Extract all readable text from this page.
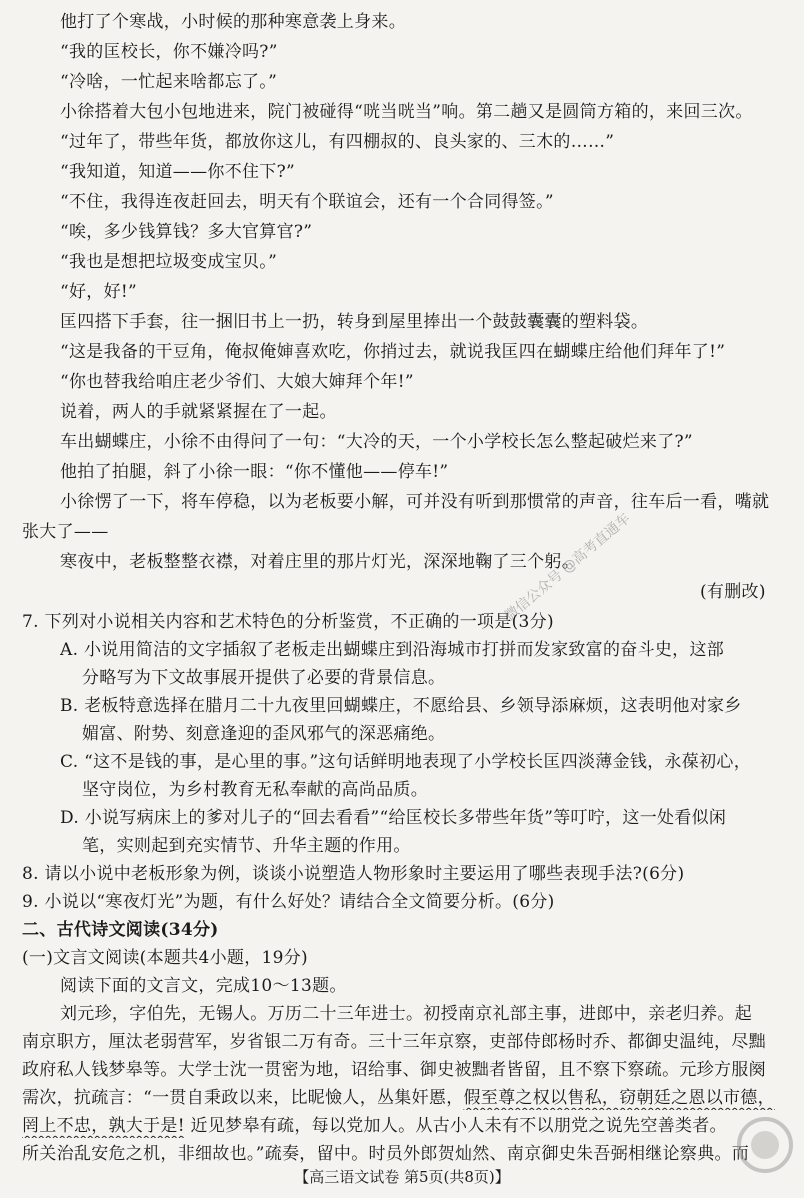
他打了个寒战，小时候的那种寒意袭上身来。
“我的匡校长，你不嫌冷吗?”
“冷啥，一忙起来啥都忘了。”
小徐搭着大包小包地进来，院门被碰得“咣当咣当”响。第二趟又是圆筒方箱的，来回三次。
“过年了，带些年货，都放你这儿，有四棚叔的、良头家的、三木的……”
“我知道，知道——你不住下?”
“不住，我得连夜赶回去，明天有个联谊会，还有一个合同得签。”
“唉，多少钱算钱？多大官算官?”
“我也是想把垃圾变成宝贝。”
“好，好!”
匡四搭下手套，往一捆旧书上一扔，转身到屋里捧出一个鼓鼓囊囊的塑料袋。
“这是我备的干豆角，俺叔俺婶喜欢吃，你捎过去，就说我匡四在蝴蝶庄给他们拜年了!”
“你也替我给咱庄老少爷们、大娘大婶拜个年!”
说着，两人的手就紧紧握在了一起。
车出蝴蝶庄，小徐不由得问了一句：“大冷的天，一个小学校长怎么整起破烂来了?”
他拍了拍腿，斜了小徐一眼：“你不懂他——停车!”
小徐愣了一下，将车停稳，以为老板要小解，可并没有听到那惯常的声音，往车后一看，嘴就
张大了——
寒夜中，老板整整衣襟，对着庄里的那片灯光，深深地鞠了三个躬。
(有删改)
7. 下列对小说相关内容和艺术特色的分析鉴赏，不正确的一项是(3分)
A. 小说用简洁的文字插叙了老板走出蝴蝶庄到沿海城市打拼而发家致富的奋斗史，这部
分略写为下文故事展开提供了必要的背景信息。
B. 老板特意选择在腊月二十九夜里回蝴蝶庄，不愿给县、乡领导添麻烦，这表明他对家乡
媚富、附势、刻意逢迎的歪风邪气的深恶痛绝。
C. “这不是钱的事，是心里的事。”这句话鲜明地表现了小学校长匡四淡薄金钱，永葆初心，
坚守岗位，为乡村教育无私奉献的高尚品质。
D. 小说写病床上的爹对儿子的“回去看看”“给匡校长多带些年货”等叮咛，这一处看似闲
笔，实则起到充实情节、升华主题的作用。
8. 请以小说中老板形象为例，谈谈小说塑造人物形象时主要运用了哪些表现手法?(6分)
9. 小说以“寒夜灯光”为题，有什么好处？请结合全文简要分析。(6分)
二、古代诗文阅读(34分)
(一)文言文阅读(本题共4小题，19分)
阅读下面的文言文，完成10～13题。
刘元珍，字伯先，无锡人。万历二十三年进士。初授南京礼部主事，进郎中，亲老归养。起
南京职方，厘汰老弱营军，岁省银二万有奇。三十三年京察，吏部侍郎杨时乔、都御史温纯，尽黜
政府私人钱梦皋等。大学士沈一贯密为地，诏给事、御史被黜者皆留，且不察下察疏。元珍方服阕
需次，抗疏言：“一贯自秉政以来，比昵憸人，丛集奸慝，假至尊之权以售私，窃朝廷之恩以市德，
罔上不忠，孰大于是! 近见梦皋有疏，每以党加人。从古小人未有不以朋党之说先空善类者。
所关治乱安危之机，非细故也。”疏奏，留中。时员外郎贺灿然、南京御史朱吾弼相继论察典。而
【高三语文试卷 第5页(共8页)】
微信公众号 @高考直通车
